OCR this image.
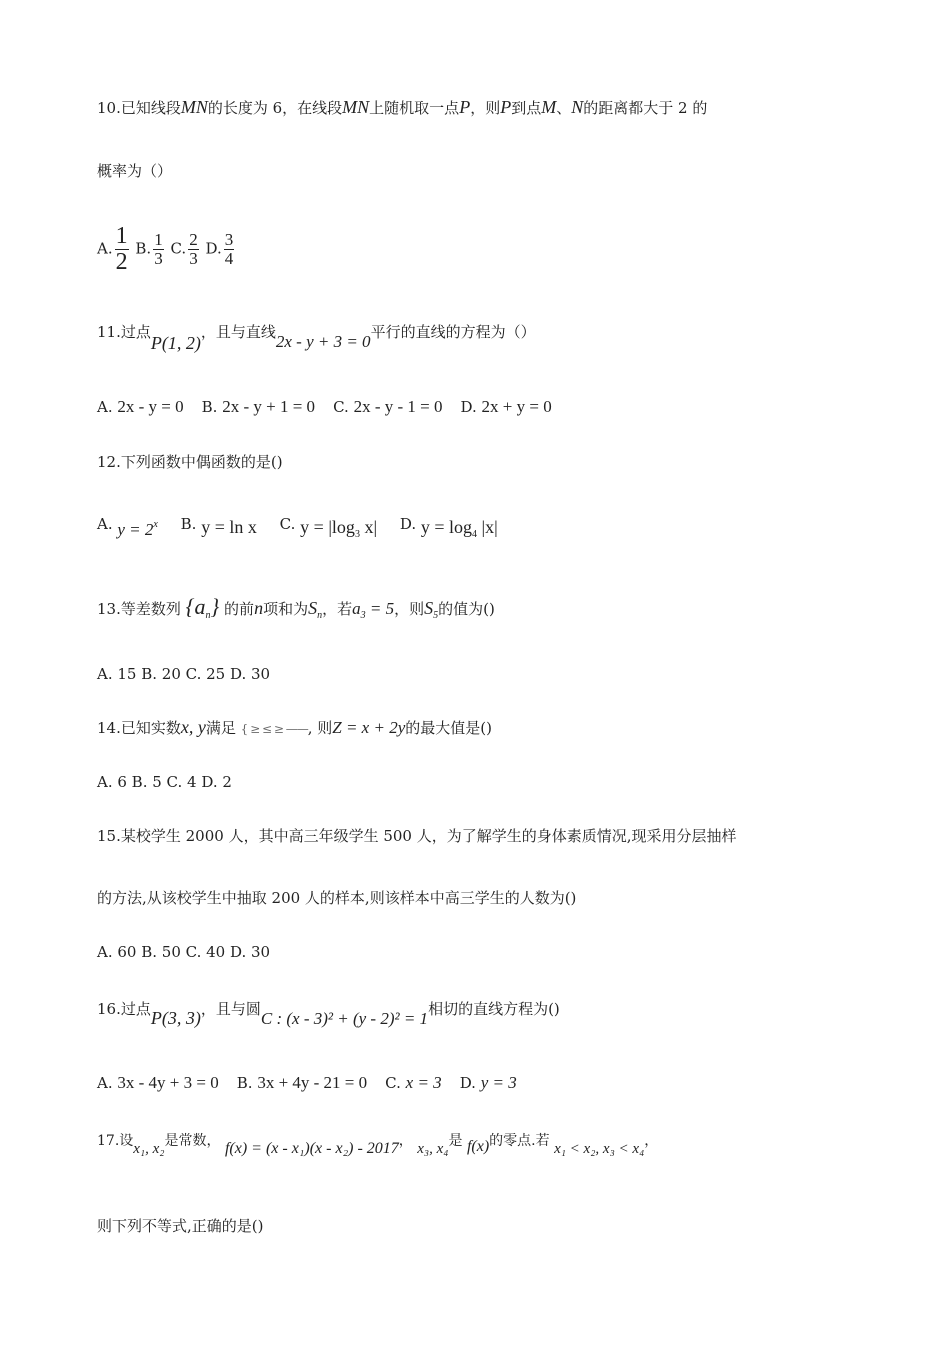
10.已知线段MN的长度为 6，在线段MN上随机取一点P，则P到点M、N的距离都大于 2 的
概率为（）
A. $\frac{1}{2} B$. $\frac{1}{3} C$. $\frac{2}{3} D$. $\frac{3}{4}$
11.过点P(1, 2)，且与直线2x - y + 3 = 0平行的直线的方程为（）
A. 2x - y = 0 B. 2x - y + 1 = 0 C. 2x - y - 1 = 0 D. 2x + y = 0
12.下列函数中偶函数的是()
A. $y = 2^x$ B. y = ln x C. $y = |\log_3$ x| D. $y = \log_4 |x|$
13.等差数列 $\{a_n\}$ 的前n项和为$S_n$，若$a_3 = 5$，则$S_5$的值为()
A. 15 B. 20 C. 25 D. 30
14.已知实数x, y满足 { ≥ ≤ ≥ ——, 则Z = x + 2y的最大值是()
A. 6 B. 5 C. 4 D. 2
15.某校学生 2000 人，其中高三年级学生 500 人，为了解学生的身体素质情况,现采用分层抽样
的方法,从该校学生中抽取 200 人的样本,则该样本中高三学生的人数为()
A. 60 B. 50 C. 40 D. 30
16.过点P(3, 3)，且与圆C : (x - 3)² + (y - 2)² = 1相切的直线方程为()
A. 3x - 4y + 3 = 0 B. 3x + 4y - 21 = 0 C. x = 3 D. y = 3
17.设x₁, x₂是常数， f(x) = (x - x₁)(x - x₂) - 2017， x₃, x₄是 f(x)的零点.若 x₁ < x₂, x₃ < x₄，
则下列不等式,正确的是()
